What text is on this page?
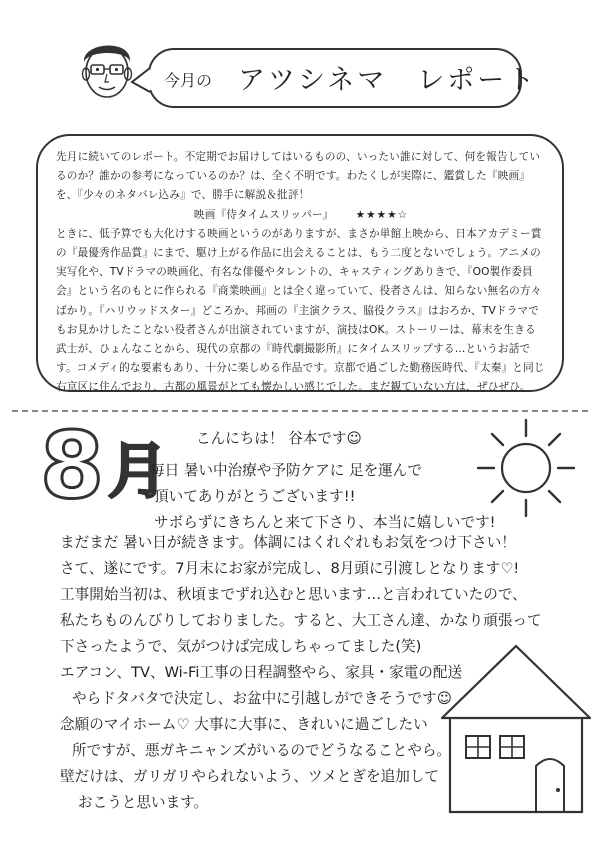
今月の アツシネマ　レポート

先月に続いてのレポート。不定期でお届けしてはいるものの、いったい誰に対して、何を報告しているのか？誰かの参考になっているのか？は、全く不明です。わたくしが実際に、鑑賞した『映画』を、『少々のネタバレ込み』で、勝手に解説＆批評！

映画『侍タイムスリッパー』 ★★★★☆

ときに、低予算でも大化けする映画というのがありますが、まさか単館上映から、日本アカデミー賞の『最優秀作品賞』にまで、駆け上がる作品に出会えることは、もう二度とないでしょう。アニメの実写化や、TVドラマの映画化、有名な俳優やタレントの、キャスティングありきで、『OO製作委員会』という名のもとに作られる『商業映画』とは全く違っていて、役者さんは、知らない無名の方々ばかり。『ハリウッドスター』どころか、邦画の『主演クラス、脇役クラス』はおろか、TVドラマでもお見かけしたことない役者さんが出演されていますが、演技はOK。ストーリーは、幕末を生きる武士が、ひょんなことから、現代の京都の『時代劇撮影所』にタイムスリップする…というお話です。コメディ的な要素もあり、十分に楽しめる作品です。京都で過ごした勤務医時代、『太秦』と同じ右京区に住んでおり、古都の風景がとても懐かしい感じでした。まだ観ていない方は、ぜひぜひ。

8 月 こんにちは！ 谷本です☺
毎日 暑い中治療や予防ケアに 足を運んで
頂いてありがとうございます!!
サボらずにきちんと来て下さり、本当に嬉しいです!
まだまだ 暑い日が続きます。体調にはくれぐれもお気をつけ下さい！
さて、遂にです。7月末にお家が完成し、8月頭に引渡しとなります♡!
工事開始当初は、秋頃までずれ込むと思います…と言われていたので、
私たちものんびりしておりました。すると、大工さん達、かなり頑張って
下さったようで、気がつけば完成しちゃってました(笑)
エアコン、TV、Wi-Fi工事の日程調整やら、家具・家電の配送
やらドタバタで決定し、お盆中に引越しができそうです☺
念願のマイホーム♡ 大事に大事に、きれいに過ごしたい
所ですが、悪ガキニャンズがいるのでどうなることやら。
壁だけは、ガリガリやられないよう、ツメとぎを追加して
おこうと思います。
